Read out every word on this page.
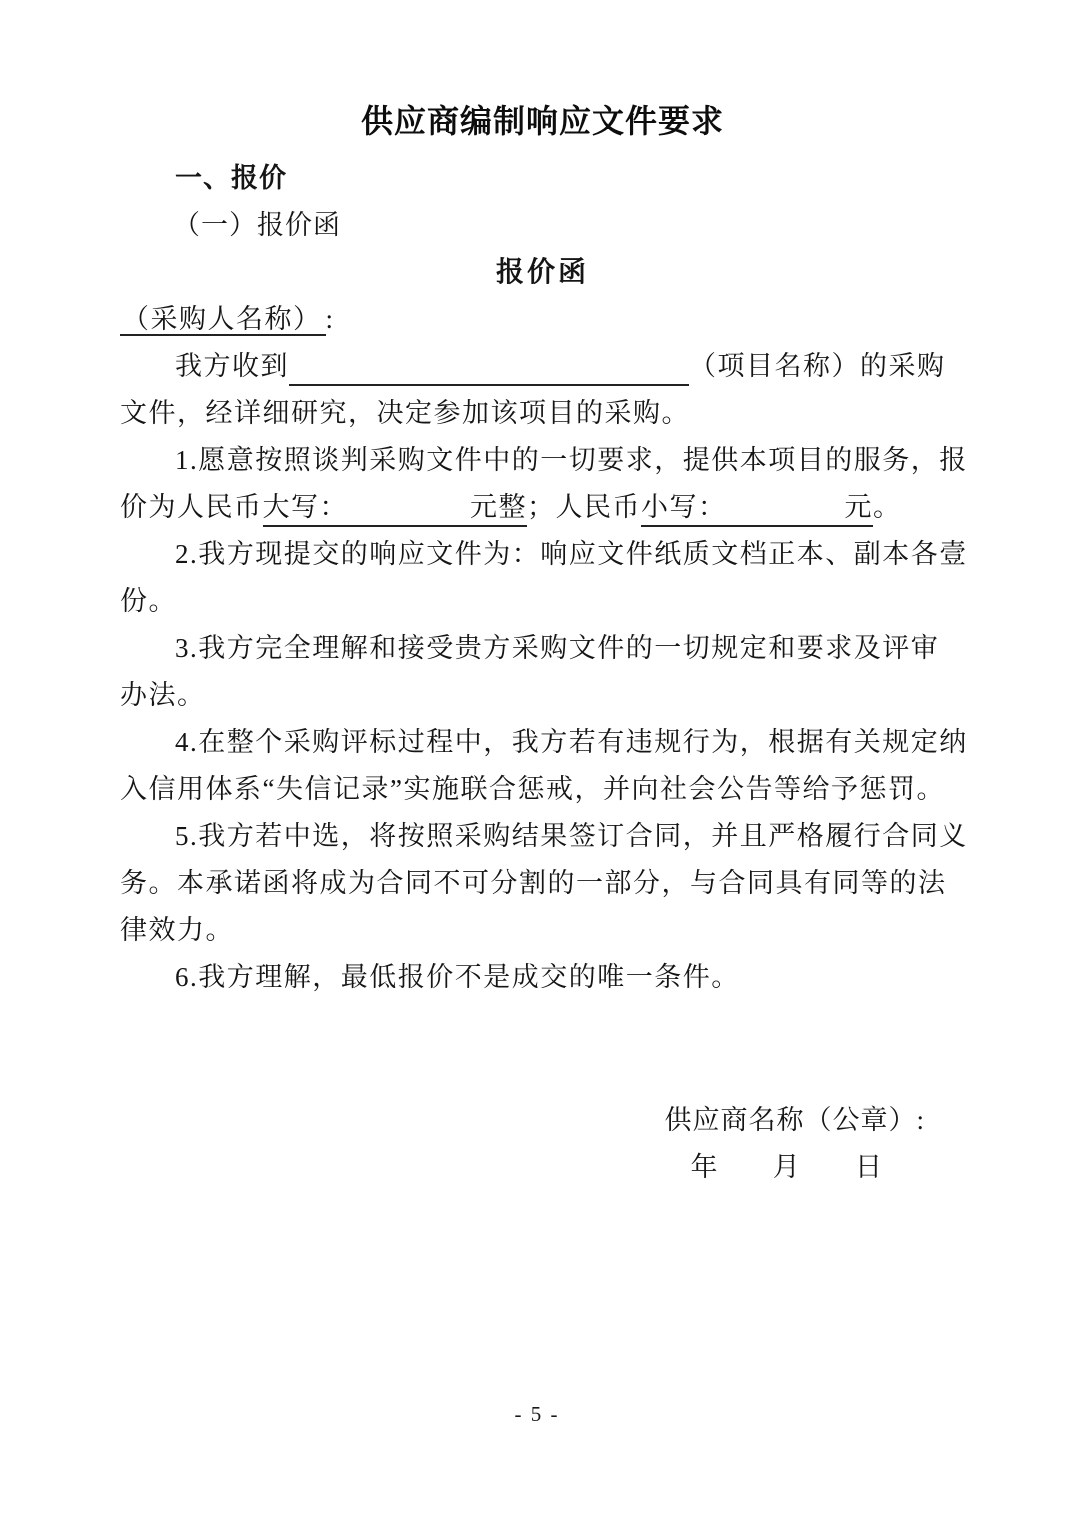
供应商编制响应文件要求
一、报价
（一）报价函
报价函
（采购人名称） :
我方收到	（项目名称）的采购
文件，经详细研究，决定参加该项目的采购。
1.愿意按照谈判采购文件中的一切要求，提供本项目的服务，报
价为人民币大写：	元整；人民币小写：	元。
2.我方现提交的响应文件为：响应文件纸质文档正本、副本各壹
份。
3.我方完全理解和接受贵方采购文件的一切规定和要求及评审
办法。
4.在整个采购评标过程中，我方若有违规行为，根据有关规定纳
入信用体系“失信记录”实施联合惩戒，并向社会公告等给予惩罚。
5.我方若中选，将按照采购结果签订合同，并且严格履行合同义
务。本承诺函将成为合同不可分割的一部分，与合同具有同等的法
律效力。
6.我方理解，最低报价不是成交的唯一条件。
供应商名称（公章）:
年       月       日
- 5 -
